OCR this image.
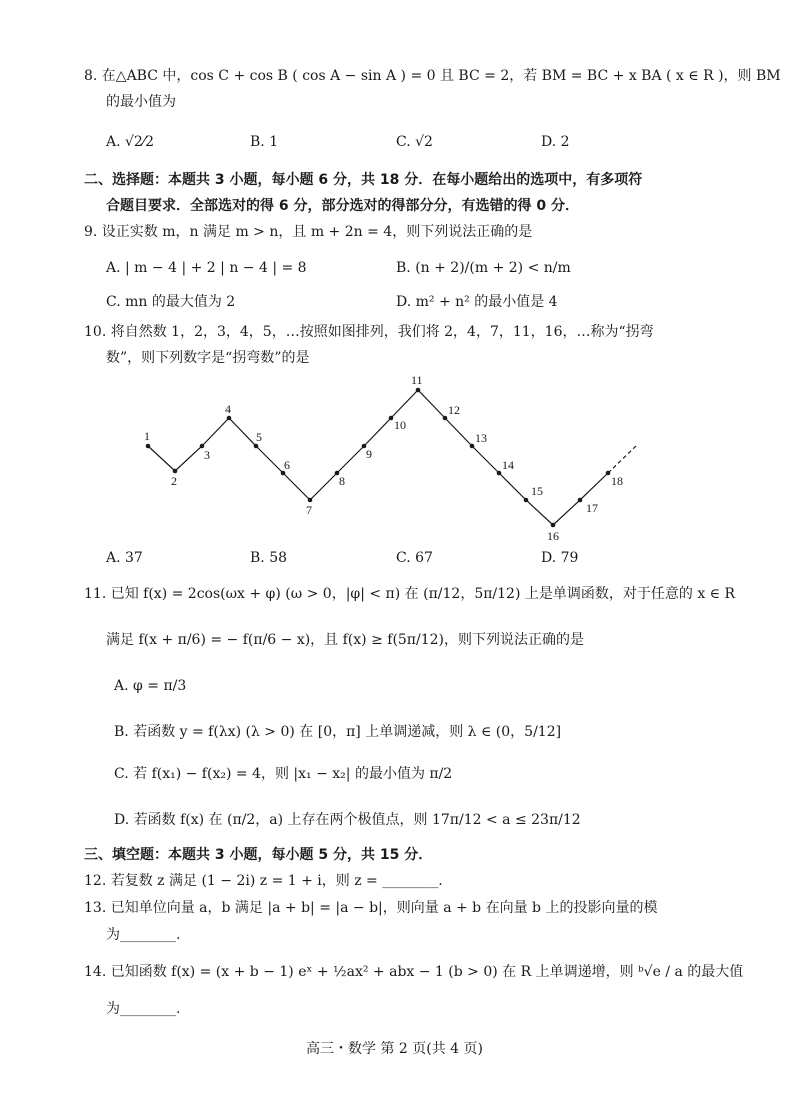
8. 在△ABC 中，cos C + cos B ( cos A − sin A ) = 0 且 BC = 2，若 BM = BC + x BA ( x ∈ R )，则 BM
的最小值为
A. √2⁄2	B. 1	C. √2	D. 2
二、选择题：本题共 3 小题，每小题 6 分，共 18 分．在每小题给出的选项中，有多项符
合题目要求．全部选对的得 6 分，部分选对的得部分分，有选错的得 0 分．
9. 设正实数 m，n 满足 m > n，且 m + 2n = 4，则下列说法正确的是
A. | m − 4 | + 2 | n − 4 | = 8	B. (n + 2)/(m + 2) < n/m
C. mn 的最大值为 2	D. m² + n² 的最小值是 4
10. 将自然数 1，2，3，4，5，…按照如图排列，我们将 2，4，7，11，16，…称为“拐弯
数”，则下列数字是“拐弯数”的是
1
2
3
4
5
6
7
8
9
10
11
12
13
14
15
16
17
18
A. 37	B. 58	C. 67	D. 79
11. 已知 f(x) = 2cos(ωx + φ) (ω > 0，|φ| < π) 在 (π/12，5π/12) 上是单调函数，对于任意的 x ∈ R
满足 f(x + π/6) = − f(π/6 − x)，且 f(x) ≥ f(5π/12)，则下列说法正确的是
A. φ = π/3
B. 若函数 y = f(λx) (λ > 0) 在 [0，π] 上单调递减，则 λ ∈ (0，5/12]
C. 若 f(x₁) − f(x₂) = 4，则 |x₁ − x₂| 的最小值为 π/2
D. 若函数 f(x) 在 (π/2，a) 上存在两个极值点，则 17π/12 < a ≤ 23π/12
三、填空题：本题共 3 小题，每小题 5 分，共 15 分．
12. 若复数 z 满足 (1 − 2i) z = 1 + i，则 z = ________.
13. 已知单位向量 a，b 满足 |a + b| = |a − b|，则向量 a + b 在向量 b 上的投影向量的模
为________.
14. 已知函数 f(x) = (x + b − 1) eˣ + ½ax² + abx − 1 (b > 0) 在 R 上单调递增，则 ᵇ√e / a 的最大值
为________.
高三・数学 第 2 页(共 4 页)
